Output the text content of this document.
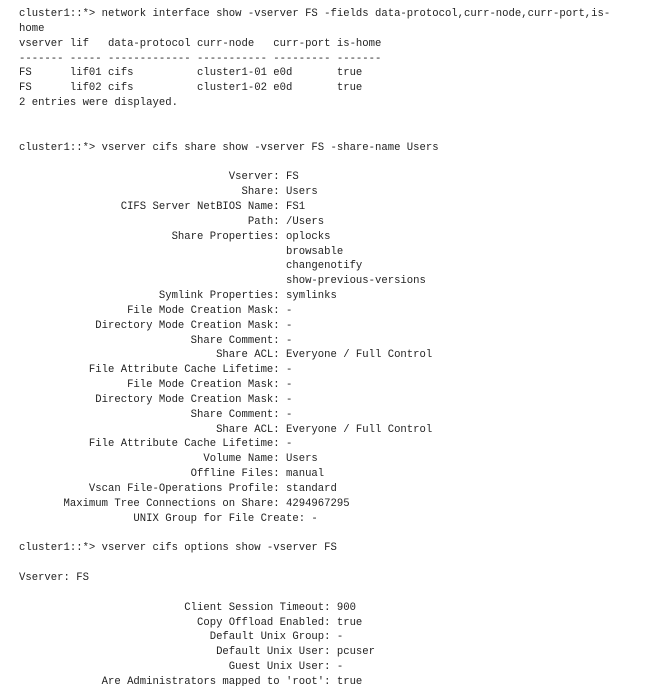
cluster1::*> network interface show -vserver FS -fields data-protocol,curr-node,curr-port,is-
home
vserver lif   data-protocol curr-node   curr-port is-home
------- ----- ------------- ----------- --------- -------
FS      lif01 cifs          cluster1-01 e0d       true
FS      lif02 cifs          cluster1-02 e0d       true
2 entries were displayed.
cluster1::*> vserver cifs share show -vserver FS -share-name Users
Vserver: FS
Share: Users
CIFS Server NetBIOS Name: FS1
Path: /Users
Share Properties: oplocks
browsable
changenotify
show-previous-versions
Symlink Properties: symlinks
File Mode Creation Mask: -
Directory Mode Creation Mask: -
Share Comment: -
Share ACL: Everyone / Full Control
File Attribute Cache Lifetime: -
File Mode Creation Mask: -
Directory Mode Creation Mask: -
Share Comment: -
Share ACL: Everyone / Full Control
File Attribute Cache Lifetime: -
Volume Name: Users
Offline Files: manual
Vscan File-Operations Profile: standard
Maximum Tree Connections on Share: 4294967295
UNIX Group for File Create: -
cluster1::*> vserver cifs options show -vserver FS
Vserver: FS
Client Session Timeout: 900
Copy Offload Enabled: true
Default Unix Group: -
Default Unix User: pcuser
Guest Unix User: -
Are Administrators mapped to 'root': true
